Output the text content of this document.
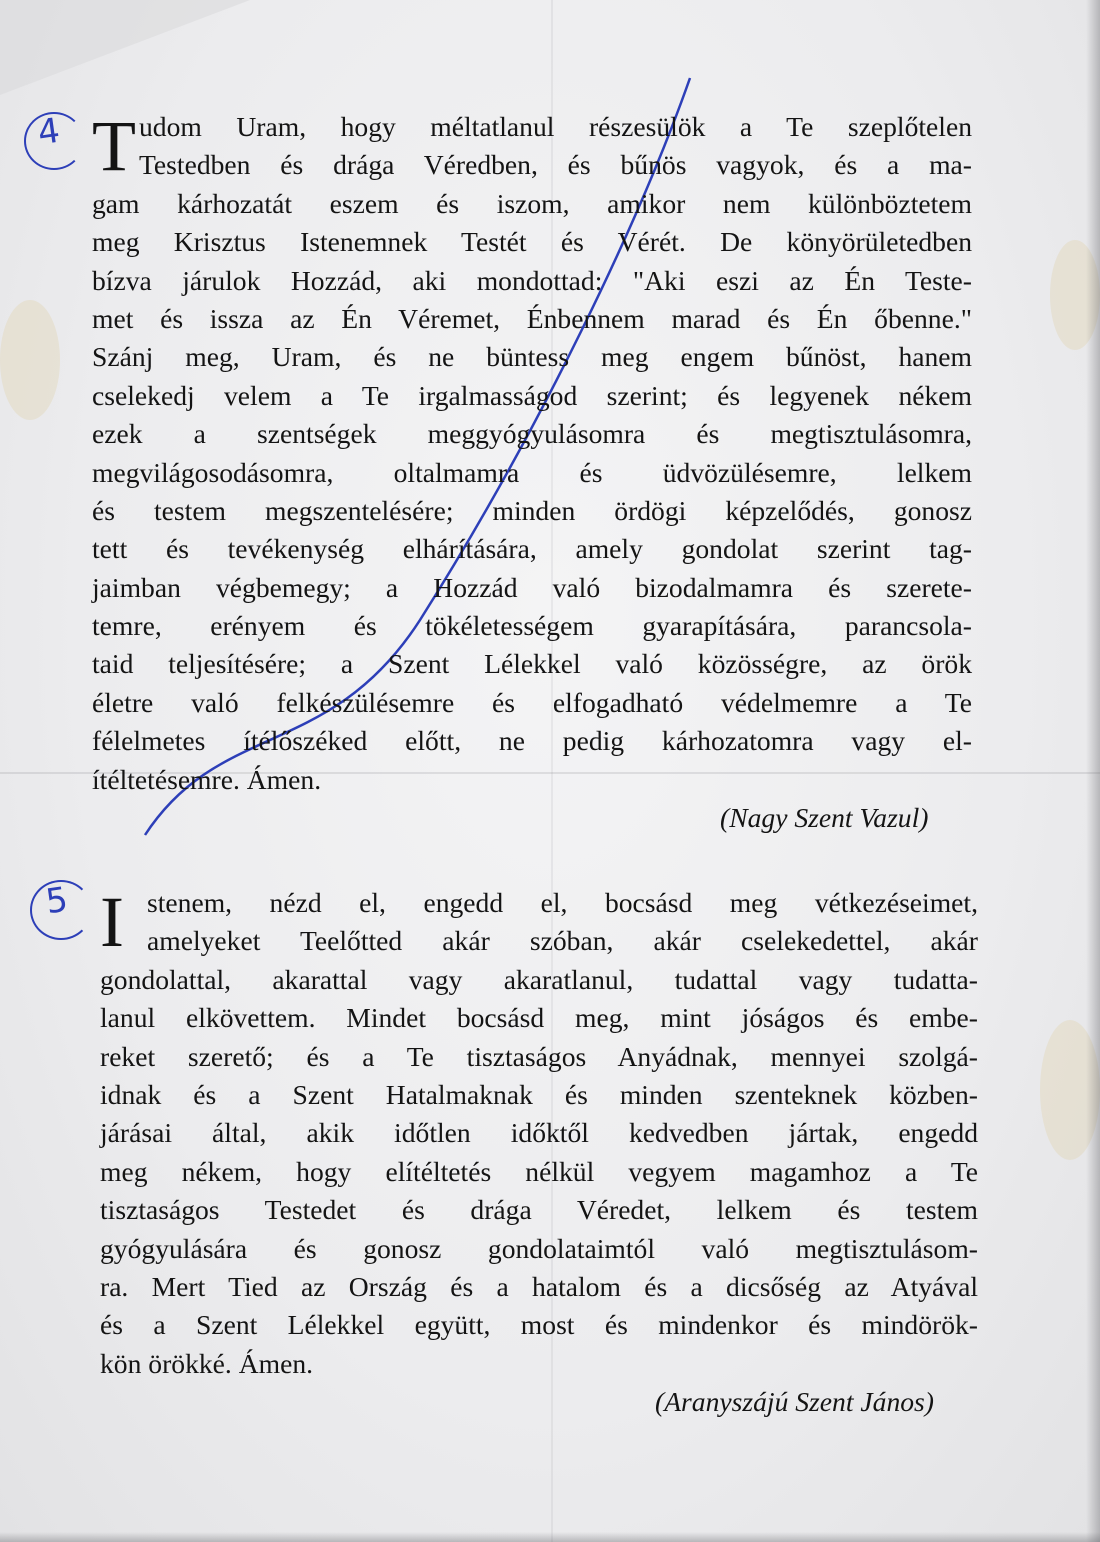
4
5
T udom Uram, hogy méltatlanul részesülök a Te szeplőtelen
Testedben és drága Véredben, és bűnös vagyok, és a ma-
gam kárhozatát eszem és iszom, amikor nem különböztetem
meg Krisztus Istenemnek Testét és Vérét. De könyörületedben
bízva járulok Hozzád, aki mondottad: "Aki eszi az Én Teste-
met és issza az Én Véremet, Énbennem marad és Én őbenne."
Szánj meg, Uram, és ne büntess meg engem bűnöst, hanem
cselekedj velem a Te irgalmasságod szerint; és legyenek nékem
ezek a szentségek meggyógyulásomra és megtisztulásomra,
megvilágosodásomra, oltalmamra és üdvözülésemre, lelkem
és testem megszentelésére; minden ördögi képzelődés, gonosz
tett és tevékenység elhárítására, amely gondolat szerint tag-
jaimban végbemegy; a Hozzád való bizodalmamra és szerete-
temre, erényem és tökéletességem gyarapítására, parancsola-
taid teljesítésére; a Szent Lélekkel való közösségre, az örök
életre való felkészülésemre és elfogadható védelmemre a Te
félelmetes ítélőszéked előtt, ne pedig kárhozatomra vagy el-
ítéltetésemre. Ámen.
(Nagy Szent Vazul)
I stenem, nézd el, engedd el, bocsásd meg vétkezéseimet,
amelyeket Teelőtted akár szóban, akár cselekedettel, akár
gondolattal, akarattal vagy akaratlanul, tudattal vagy tudatta-
lanul elkövettem. Mindet bocsásd meg, mint jóságos és embe-
reket szerető; és a Te tisztaságos Anyádnak, mennyei szolgá-
idnak és a Szent Hatalmaknak és minden szenteknek közben-
járásai által, akik időtlen időktől kedvedben jártak, engedd
meg nékem, hogy elítéltetés nélkül vegyem magamhoz a Te
tisztaságos Testedet és drága Véredet, lelkem és testem
gyógyulására és gonosz gondolataimtól való megtisztulásom-
ra. Mert Tied az Ország és a hatalom és a dicsőség az Atyával
és a Szent Lélekkel együtt, most és mindenkor és mindörök-
kön örökké. Ámen.
(Aranyszájú Szent János)
